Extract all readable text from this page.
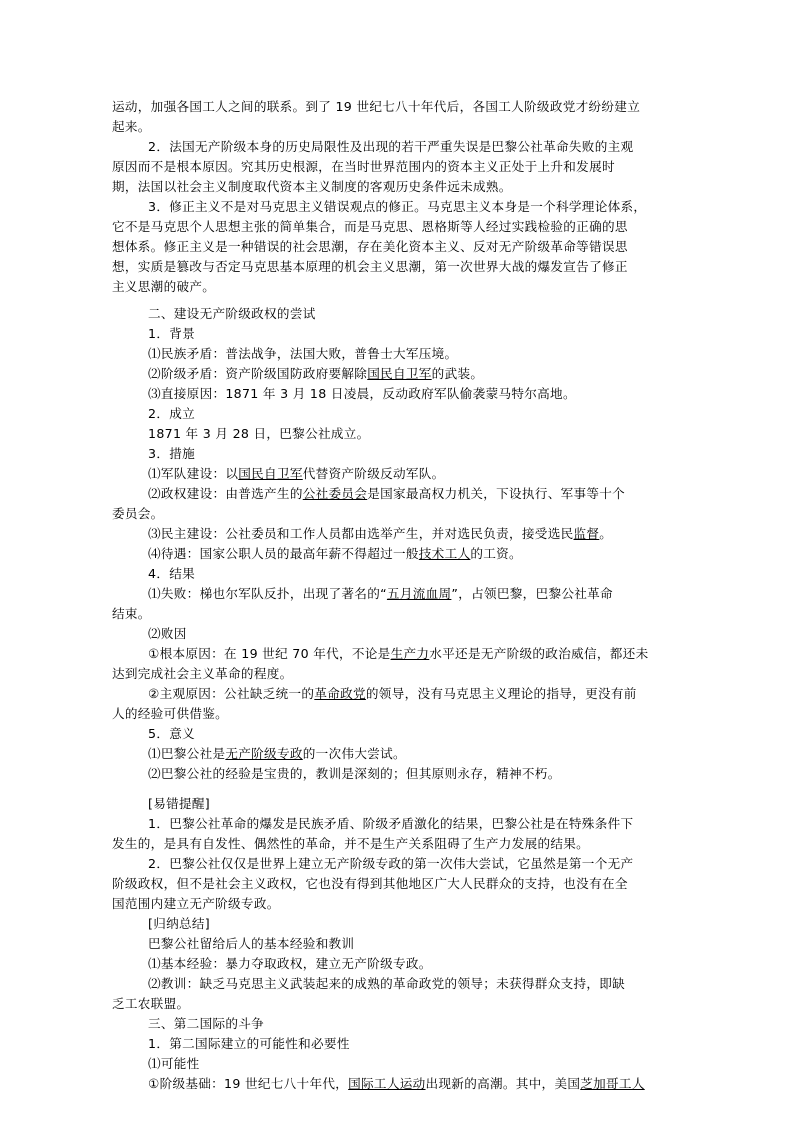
运动，加强各国工人之间的联系。到了 19 世纪七八十年代后，各国工人阶级政党才纷纷建立
起来。
2．法国无产阶级本身的历史局限性及出现的若干严重失误是巴黎公社革命失败的主观
原因而不是根本原因。究其历史根源，在当时世界范围内的资本主义正处于上升和发展时
期，法国以社会主义制度取代资本主义制度的客观历史条件远未成熟。
3．修正主义不是对马克思主义错误观点的修正。马克思主义本身是一个科学理论体系，
它不是马克思个人思想主张的简单集合，而是马克思、恩格斯等人经过实践检验的正确的思
想体系。修正主义是一种错误的社会思潮，存在美化资本主义、反对无产阶级革命等错误思
想，实质是篡改与否定马克思基本原理的机会主义思潮，第一次世界大战的爆发宣告了修正
主义思潮的破产。
二、建设无产阶级政权的尝试
1．背景
⑴民族矛盾：普法战争，法国大败，普鲁士大军压境。
⑵阶级矛盾：资产阶级国防政府要解除国民自卫军的武装。
⑶直接原因：1871 年 3 月 18 日凌晨，反动政府军队偷袭蒙马特尔高地。
2．成立
1871 年 3 月 28 日，巴黎公社成立。
3．措施
⑴军队建设：以国民自卫军代替资产阶级反动军队。
⑵政权建设：由普选产生的公社委员会是国家最高权力机关，下设执行、军事等十个
委员会。
⑶民主建设：公社委员和工作人员都由选举产生，并对选民负责，接受选民监督。
⑷待遇：国家公职人员的最高年薪不得超过一般技术工人的工资。
4．结果
⑴失败：梯也尔军队反扑，出现了著名的“五月流血周”，占领巴黎，巴黎公社革命
结束。
⑵败因
①根本原因：在 19 世纪 70 年代，不论是生产力水平还是无产阶级的政治威信，都还未
达到完成社会主义革命的程度。
②主观原因：公社缺乏统一的革命政党的领导，没有马克思主义理论的指导，更没有前
人的经验可供借鉴。
5．意义
⑴巴黎公社是无产阶级专政的一次伟大尝试。
⑵巴黎公社的经验是宝贵的，教训是深刻的；但其原则永存，精神不朽。
[易错提醒]
1．巴黎公社革命的爆发是民族矛盾、阶级矛盾激化的结果，巴黎公社是在特殊条件下
发生的，是具有自发性、偶然性的革命，并不是生产关系阻碍了生产力发展的结果。
2．巴黎公社仅仅是世界上建立无产阶级专政的第一次伟大尝试，它虽然是第一个无产
阶级政权，但不是社会主义政权，它也没有得到其他地区广大人民群众的支持，也没有在全
国范围内建立无产阶级专政。
[归纳总结]
巴黎公社留给后人的基本经验和教训
⑴基本经验：暴力夺取政权，建立无产阶级专政。
⑵教训：缺乏马克思主义武装起来的成熟的革命政党的领导；未获得群众支持，即缺
乏工农联盟。
三、第二国际的斗争
1．第二国际建立的可能性和必要性
⑴可能性
①阶级基础：19 世纪七八十年代，国际工人运动出现新的高潮。其中，美国芝加哥工人
